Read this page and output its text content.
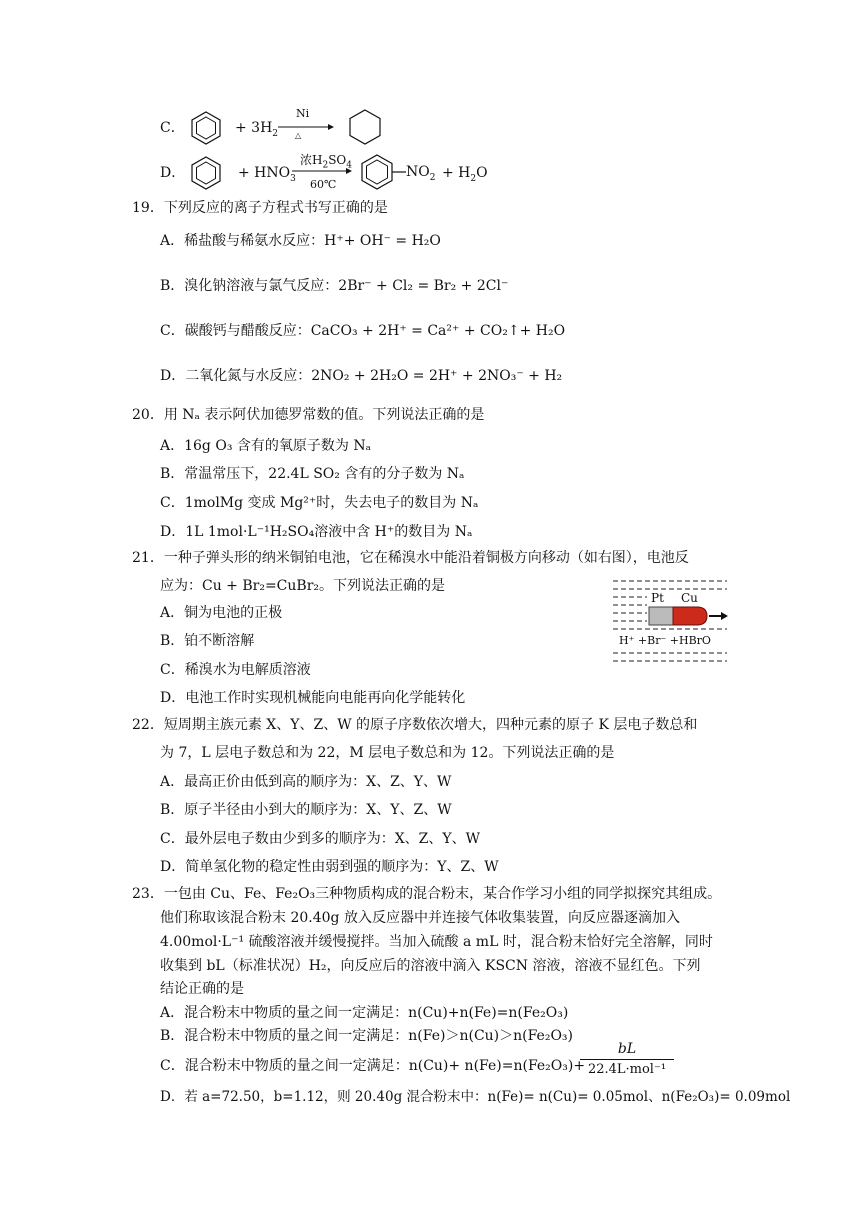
C．	+ $3H_2$
Ni
△
D．	+ $HNO_3$
浓$H_2SO_4$
60℃
$NO_2 + H_2O$
19．下列反应的离子方程式书写正确的是
A．稀盐酸与稀氨水反应：H⁺+ OH⁻ = H₂O
B．溴化钠溶液与氯气反应：2Br⁻ + Cl₂ = Br₂ + 2Cl⁻
C．碳酸钙与醋酸反应：CaCO₃ + 2H⁺ = Ca²⁺ + CO₂↑+ H₂O
D．二氧化氮与水反应：2NO₂ + 2H₂O = 2H⁺ + 2NO₃⁻ + H₂
20．用 Nₐ 表示阿伏加德罗常数的值。下列说法正确的是
A．16g O₃ 含有的氧原子数为 Nₐ
B．常温常压下，22.4L SO₂ 含有的分子数为 Nₐ
C．1molMg 变成 Mg²⁺时，失去电子的数目为 Nₐ
D．1L 1mol·L⁻¹H₂SO₄溶液中含 H⁺的数目为 Nₐ
21．一种子弹头形的纳米铜铂电池，它在稀溴水中能沿着铜极方向移动（如右图），电池反
应为：Cu + Br₂=CuBr₂。下列说法正确的是
A．铜为电池的正极
B．铂不断溶解
C．稀溴水为电解质溶液
D．电池工作时实现机械能向电能再向化学能转化
Pt Cu
H⁺ +Br⁻ +HBrO
22．短周期主族元素 X、Y、Z、W 的原子序数依次增大，四种元素的原子 K 层电子数总和
为 7，L 层电子数总和为 22，M 层电子数总和为 12。下列说法正确的是
A．最高正价由低到高的顺序为：X、Z、Y、W
B．原子半径由小到大的顺序为：X、Y、Z、W
C．最外层电子数由少到多的顺序为：X、Z、Y、W
D．简单氢化物的稳定性由弱到强的顺序为：Y、Z、W
23．一包由 Cu、Fe、Fe₂O₃三种物质构成的混合粉末，某合作学习小组的同学拟探究其组成。
他们称取该混合粉末 20.40g 放入反应器中并连接气体收集装置，向反应器逐滴加入
4.00mol·L⁻¹ 硫酸溶液并缓慢搅拌。当加入硫酸 a mL 时，混合粉末恰好完全溶解，同时
收集到 bL（标准状况）H₂，向反应后的溶液中滴入 KSCN 溶液，溶液不显红色。下列
结论正确的是
A．混合粉末中物质的量之间一定满足：n(Cu)+n(Fe)=n(Fe₂O₃)
B．混合粉末中物质的量之间一定满足：n(Fe)＞n(Cu)＞n(Fe₂O₃)
C．混合粉末中物质的量之间一定满足：n(Cu)+ n(Fe)=n(Fe₂O₃)+
bL
22.4L·mol⁻¹
D．若 a=72.50，b=1.12，则 20.40g 混合粉末中：n(Fe)= n(Cu)= 0.05mol、n(Fe₂O₃)= 0.09mol
